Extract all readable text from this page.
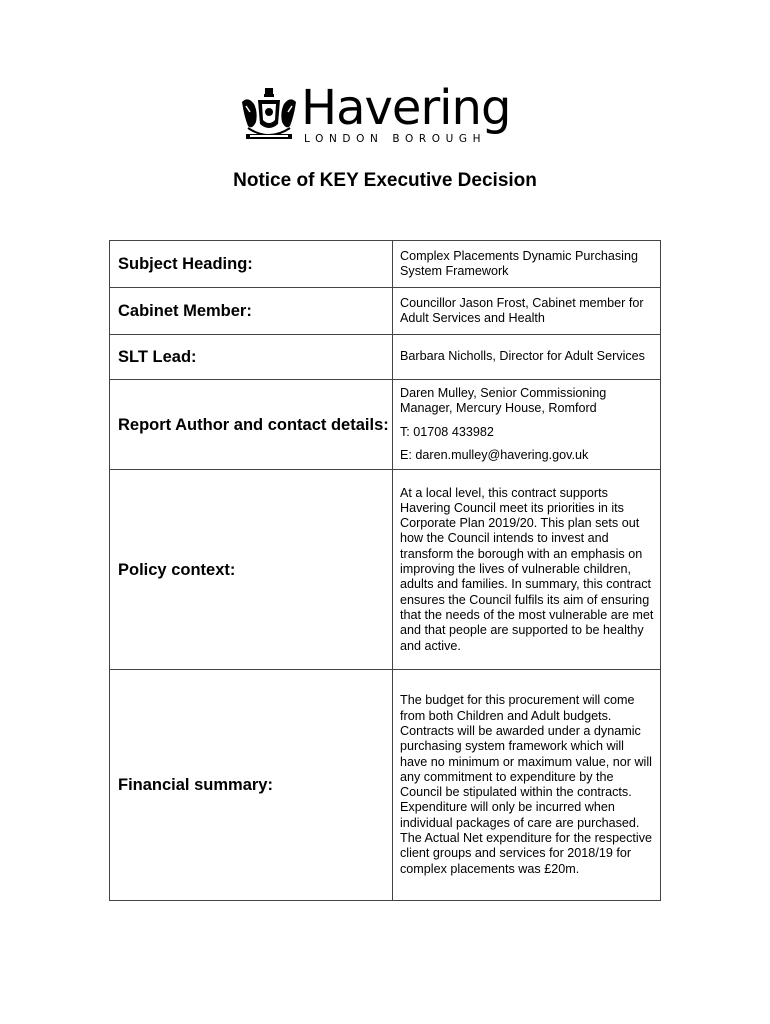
Havering
LONDON BOROUGH
Notice of KEY Executive Decision
Subject Heading:	Complex Placements Dynamic Purchasing System Framework

Cabinet Member:	Councillor Jason Frost, Cabinet member for Adult Services and Health

SLT Lead:	Barbara Nicholls, Director for Adult Services

Report Author and contact details:	Daren Mulley, Senior Commissioning Manager, Mercury House, Romford

T: 01708 433982

E: daren.mulley@havering.gov.uk

Policy context:	At a local level, this contract supports Havering Council meet its priorities in its Corporate Plan 2019/20. This plan sets out how the Council intends to invest and transform the borough with an emphasis on improving the lives of vulnerable children, adults and families. In summary, this contract ensures the Council fulfils its aim of ensuring that the needs of the most vulnerable are met and that people are supported to be healthy and active.

Financial summary:	The budget for this procurement will come from both Children and Adult budgets. Contracts will be awarded under a dynamic purchasing system framework which will have no minimum or maximum value, nor will any commitment to expenditure by the Council be stipulated within the contracts. Expenditure will only be incurred when individual packages of care are purchased. The Actual Net expenditure for the respective client groups and services for 2018/19 for complex placements was £20m.
